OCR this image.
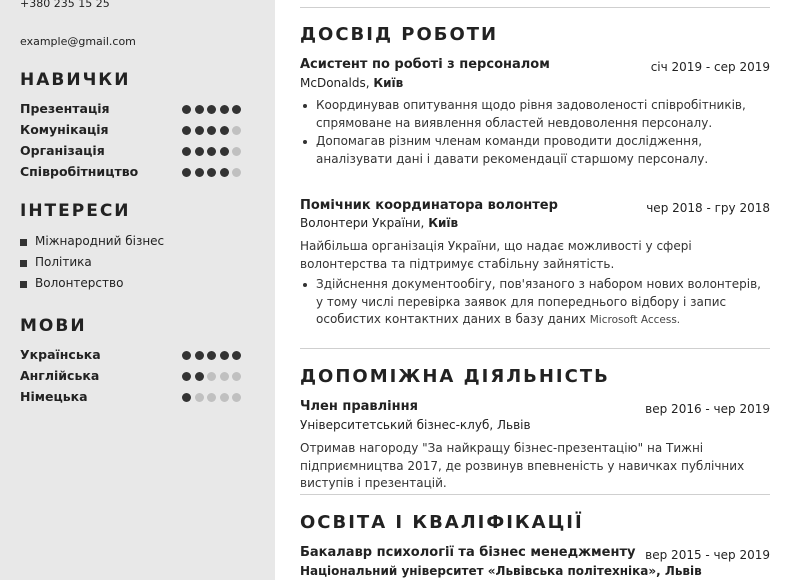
+380 235 15 25
example@gmail.com
НАВИЧКИ
Презентація
Комунікація
Організація
Співробітництво
ІНТЕРЕСИ
Міжнародний бізнес
Політика
Волонтерство
МОВИ
Українська
Англійська
Німецька
ДОСВІД РОБОТИ
Асистент по роботі з персоналом	січ 2019 - сер 2019
McDonalds, Київ
Координував опитування щодо рівня задоволеності співробітників, спрямоване на виявлення областей невдоволення персоналу.
Допомагав різним членам команди проводити дослідження, аналізувати дані і давати рекомендації старшому персоналу.
Помічник координатора волонтер	чер 2018 - гру 2018
Волонтери України, Київ
Найбільша організація України, що надає можливості у сфері волонтерства та підтримує стабільну зайнятість.
Здійснення документообігу, пов'язаного з набором нових волонтерів, у тому числі перевірка заявок для попереднього відбору і запис особистих контактних даних в базу даних Microsoft Access.
ДОПОМІЖНА ДІЯЛЬНІСТЬ
Член правління	вер 2016 - чер 2019
Університетський бізнес-клуб, Львів
Отримав нагороду "За найкращу бізнес-презентацію" на Тижні підприємництва 2017, де розвинув впевненість у навичках публічних виступів і презентацій.
ОСВІТА І КВАЛІФІКАЦІЇ
Бакалавр психології та бізнес менеджменту вер 2015 - чер 2019
Національний університет «Львівська політехніка», Львів
